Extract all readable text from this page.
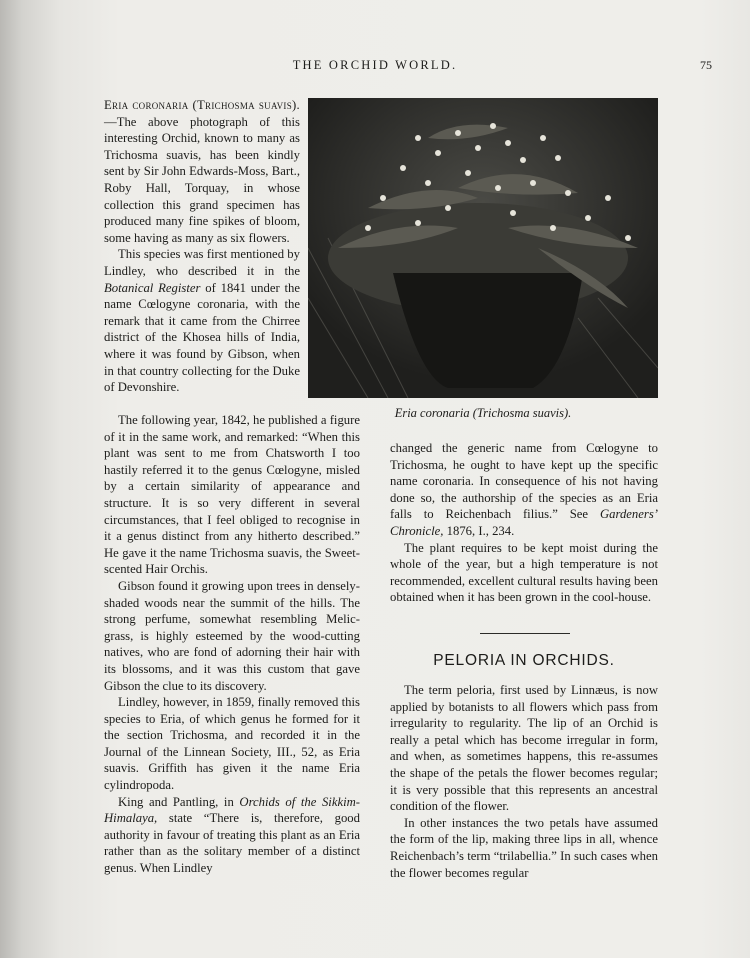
THE ORCHID WORLD.	75

Eria coronaria (Trichosma suavis).—The above photograph of this interesting Orchid, known to many as Trichosma suavis, has been kindly sent by Sir John Edwards-Moss, Bart., Roby Hall, Torquay, in whose collection this grand specimen has produced many fine spikes of bloom, some having as many as six flowers.

This species was first mentioned by Lindley, who described it in the Botanical Register of 1841 under the name Cœlogyne coronaria, with the remark that it came from the Chirree district of the Khosea hills of India, where it was found by Gibson, when in that country collecting for the Duke of Devonshire.

Eria coronaria (Trichosma suavis).

The following year, 1842, he published a figure of it in the same work, and remarked: “When this plant was sent to me from Chatsworth I too hastily referred it to the genus Cœlogyne, misled by a certain similarity of appearance and structure. It is so very different in several circumstances, that I feel obliged to recognise in it a genus distinct from any hitherto described.” He gave it the name Trichosma suavis, the Sweet-scented Hair Orchis.

Gibson found it growing upon trees in densely-shaded woods near the summit of the hills. The strong perfume, somewhat resembling Melic-grass, is highly esteemed by the wood-cutting natives, who are fond of adorning their hair with its blossoms, and it was this custom that gave Gibson the clue to its discovery.

Lindley, however, in 1859, finally removed this species to Eria, of which genus he formed for it the section Trichosma, and recorded it in the Journal of the Linnean Society, III., 52, as Eria suavis. Griffith has given it the name Eria cylindropoda.

King and Pantling, in Orchids of the Sikkim-Himalaya, state “There is, therefore, good authority in favour of treating this plant as an Eria rather than as the solitary member of a distinct genus. When Lindley

changed the generic name from Cœlogyne to Trichosma, he ought to have kept up the specific name coronaria. In consequence of his not having done so, the authorship of the species as an Eria falls to Reichenbach filius.” See Gardeners’ Chronicle, 1876, I., 234.

The plant requires to be kept moist during the whole of the year, but a high temperature is not recommended, excellent cultural results having been obtained when it has been grown in the cool-house.

PELORIA IN ORCHIDS.

The term peloria, first used by Linnæus, is now applied by botanists to all flowers which pass from irregularity to regularity. The lip of an Orchid is really a petal which has become irregular in form, and when, as sometimes happens, this re-assumes the shape of the petals the flower becomes regular; it is very possible that this represents an ancestral condition of the flower.

In other instances the two petals have assumed the form of the lip, making three lips in all, whence Reichenbach’s term “trilabellia.” In such cases when the flower becomes regular
